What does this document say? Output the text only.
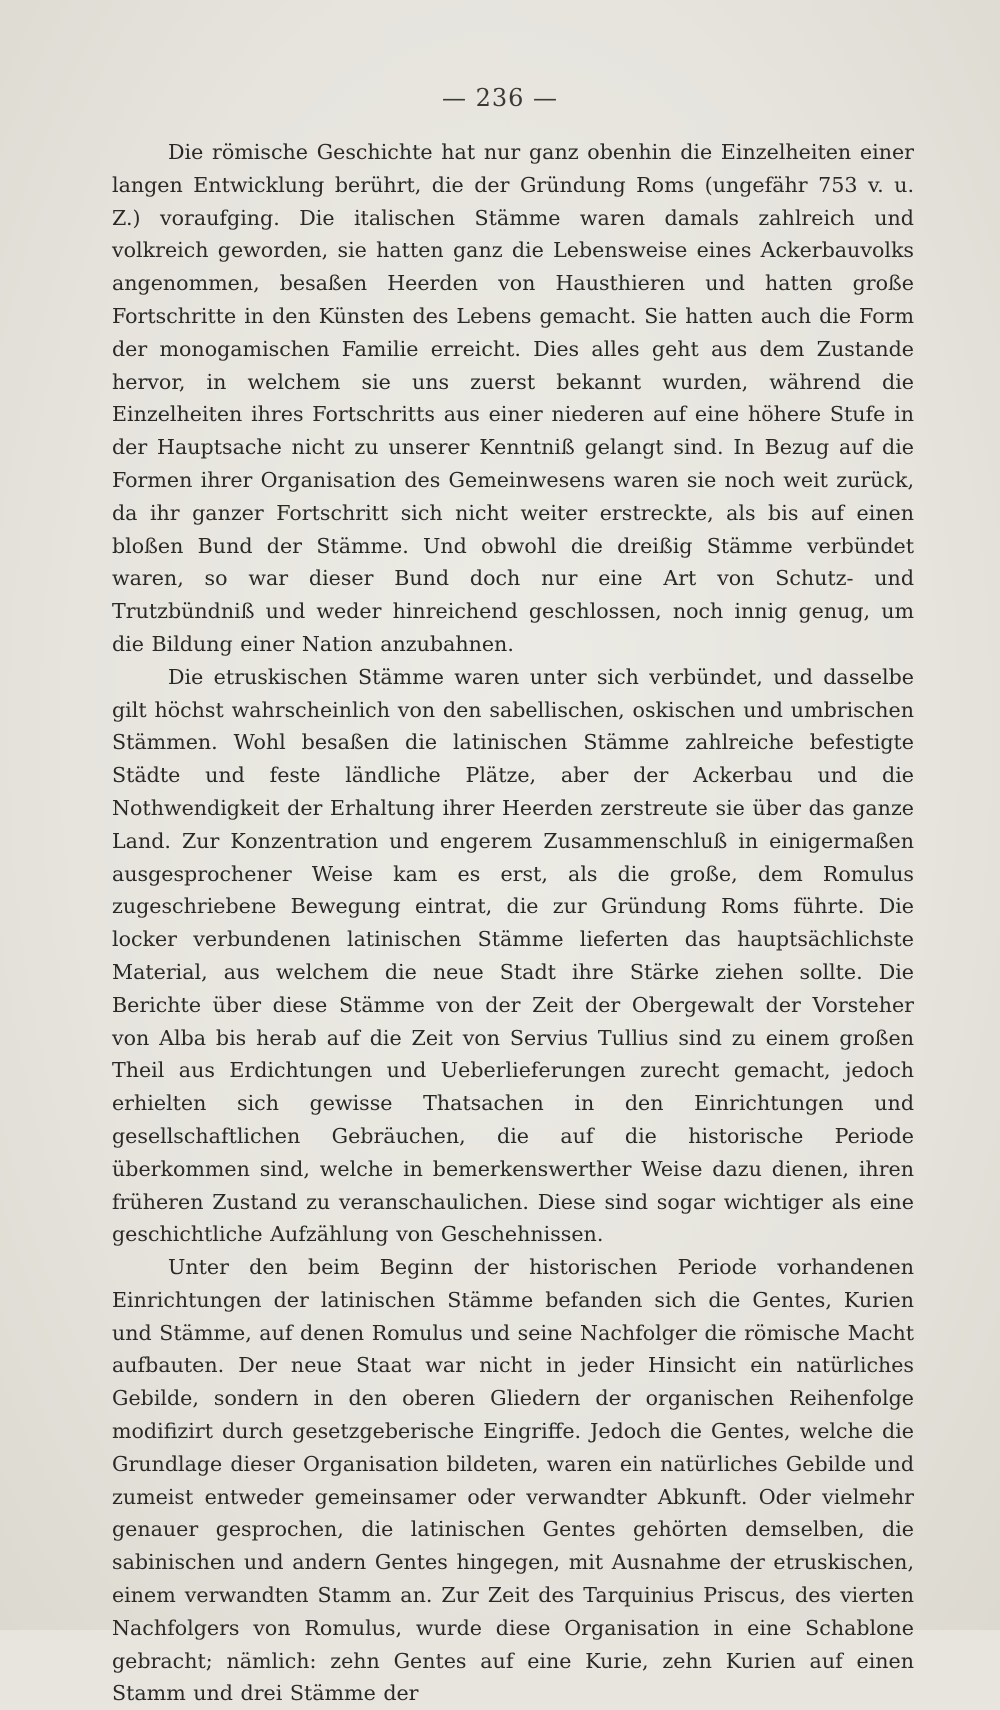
— 236 —

Die römische Geschichte hat nur ganz obenhin die Einzelheiten einer langen Entwicklung berührt, die der Gründung Roms (ungefähr 753 v. u. Z.) voraufging. Die italischen Stämme waren damals zahlreich und volkreich geworden, sie hatten ganz die Lebensweise eines Ackerbauvolks angenommen, besaßen Heerden von Hausthieren und hatten große Fortschritte in den Künsten des Lebens gemacht. Sie hatten auch die Form der monogamischen Familie erreicht. Dies alles geht aus dem Zustande hervor, in welchem sie uns zuerst bekannt wurden, während die Einzelheiten ihres Fortschritts aus einer niederen auf eine höhere Stufe in der Hauptsache nicht zu unserer Kenntniß gelangt sind. In Bezug auf die Formen ihrer Organisation des Gemeinwesens waren sie noch weit zurück, da ihr ganzer Fortschritt sich nicht weiter erstreckte, als bis auf einen bloßen Bund der Stämme. Und obwohl die dreißig Stämme verbündet waren, so war dieser Bund doch nur eine Art von Schutz- und Trutzbündniß und weder hinreichend geschlossen, noch innig genug, um die Bildung einer Nation anzubahnen.

Die etruskischen Stämme waren unter sich verbündet, und dasselbe gilt höchst wahrscheinlich von den sabellischen, oskischen und umbrischen Stämmen. Wohl besaßen die latinischen Stämme zahlreiche befestigte Städte und feste ländliche Plätze, aber der Ackerbau und die Nothwendigkeit der Erhaltung ihrer Heerden zerstreute sie über das ganze Land. Zur Konzentration und engerem Zusammenschluß in einigermaßen ausgesprochener Weise kam es erst, als die große, dem Romulus zugeschriebene Bewegung eintrat, die zur Gründung Roms führte. Die locker verbundenen latinischen Stämme lieferten das hauptsächlichste Material, aus welchem die neue Stadt ihre Stärke ziehen sollte. Die Berichte über diese Stämme von der Zeit der Obergewalt der Vorsteher von Alba bis herab auf die Zeit von Servius Tullius sind zu einem großen Theil aus Erdichtungen und Ueberlieferungen zurecht gemacht, jedoch erhielten sich gewisse Thatsachen in den Einrichtungen und gesellschaftlichen Gebräuchen, die auf die historische Periode überkommen sind, welche in bemerkenswerther Weise dazu dienen, ihren früheren Zustand zu veranschaulichen. Diese sind sogar wichtiger als eine geschichtliche Aufzählung von Geschehnissen.

Unter den beim Beginn der historischen Periode vorhandenen Einrichtungen der latinischen Stämme befanden sich die Gentes, Kurien und Stämme, auf denen Romulus und seine Nachfolger die römische Macht aufbauten. Der neue Staat war nicht in jeder Hinsicht ein natürliches Gebilde, sondern in den oberen Gliedern der organischen Reihenfolge modifizirt durch gesetzgeberische Eingriffe. Jedoch die Gentes, welche die Grundlage dieser Organisation bildeten, waren ein natürliches Gebilde und zumeist entweder gemeinsamer oder verwandter Abkunft. Oder vielmehr genauer gesprochen, die latinischen Gentes gehörten demselben, die sabinischen und andern Gentes hingegen, mit Ausnahme der etruskischen, einem verwandten Stamm an. Zur Zeit des Tarquinius Priscus, des vierten Nachfolgers von Romulus, wurde diese Organisation in eine Schablone gebracht; nämlich: zehn Gentes auf eine Kurie, zehn Kurien auf einen Stamm und drei Stämme der
